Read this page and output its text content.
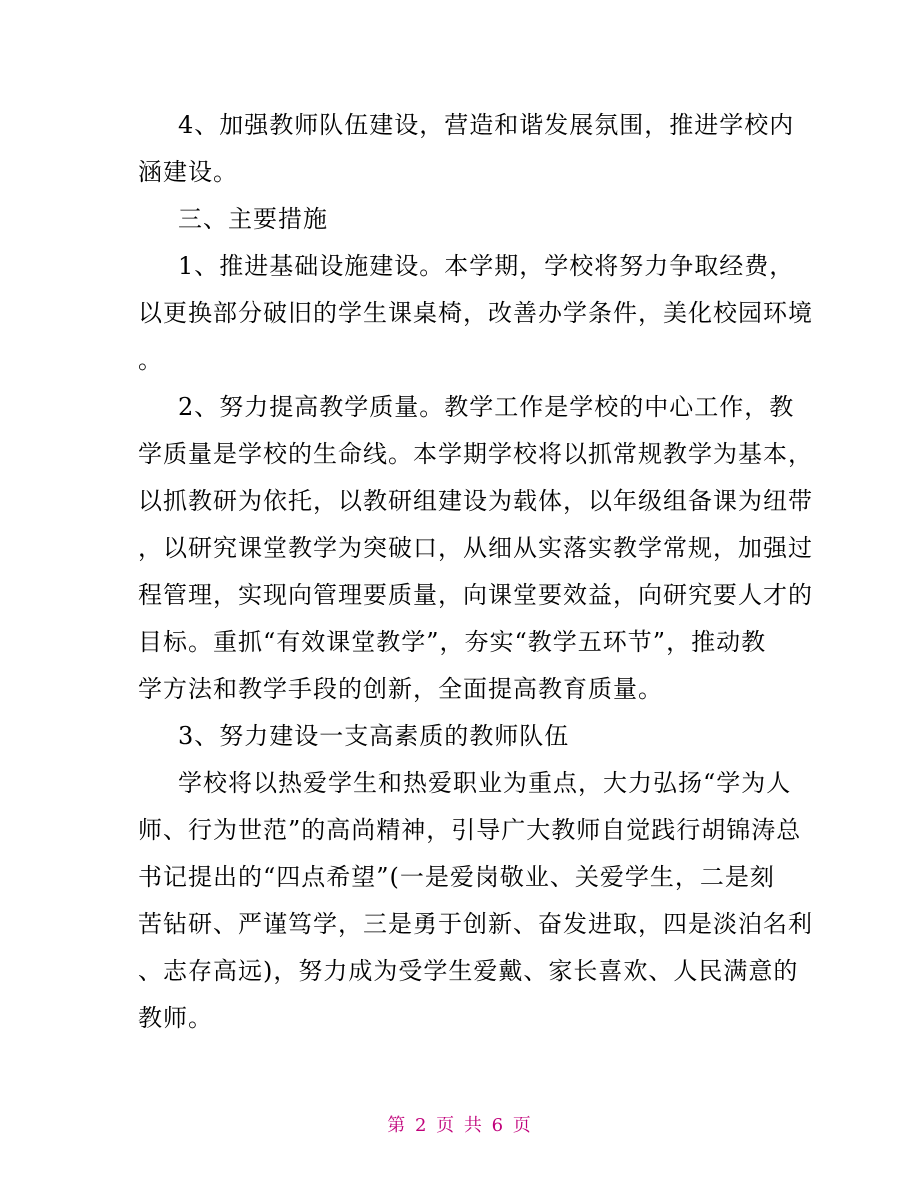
4、加强教师队伍建设，营造和谐发展氛围，推进学校内

涵建设。

三、主要措施

1、推进基础设施建设。本学期，学校将努力争取经费，

以更换部分破旧的学生课桌椅，改善办学条件，美化校园环境

。

2、努力提高教学质量。教学工作是学校的中心工作，教

学质量是学校的生命线。本学期学校将以抓常规教学为基本，

以抓教研为依托，以教研组建设为载体，以年级组备课为纽带

，以研究课堂教学为突破口，从细从实落实教学常规，加强过

程管理，实现向管理要质量，向课堂要效益，向研究要人才的

目标。重抓“有效课堂教学”，夯实“教学五环节”，推动教

学方法和教学手段的创新，全面提高教育质量。

3、努力建设一支高素质的教师队伍

学校将以热爱学生和热爱职业为重点，大力弘扬“学为人

师、行为世范”的高尚精神，引导广大教师自觉践行胡锦涛总

书记提出的“四点希望”(一是爱岗敬业、关爱学生，二是刻

苦钻研、严谨笃学，三是勇于创新、奋发进取，四是淡泊名利

、志存高远)，努力成为受学生爱戴、家长喜欢、人民满意的

教师。

第 2 页 共 6 页
